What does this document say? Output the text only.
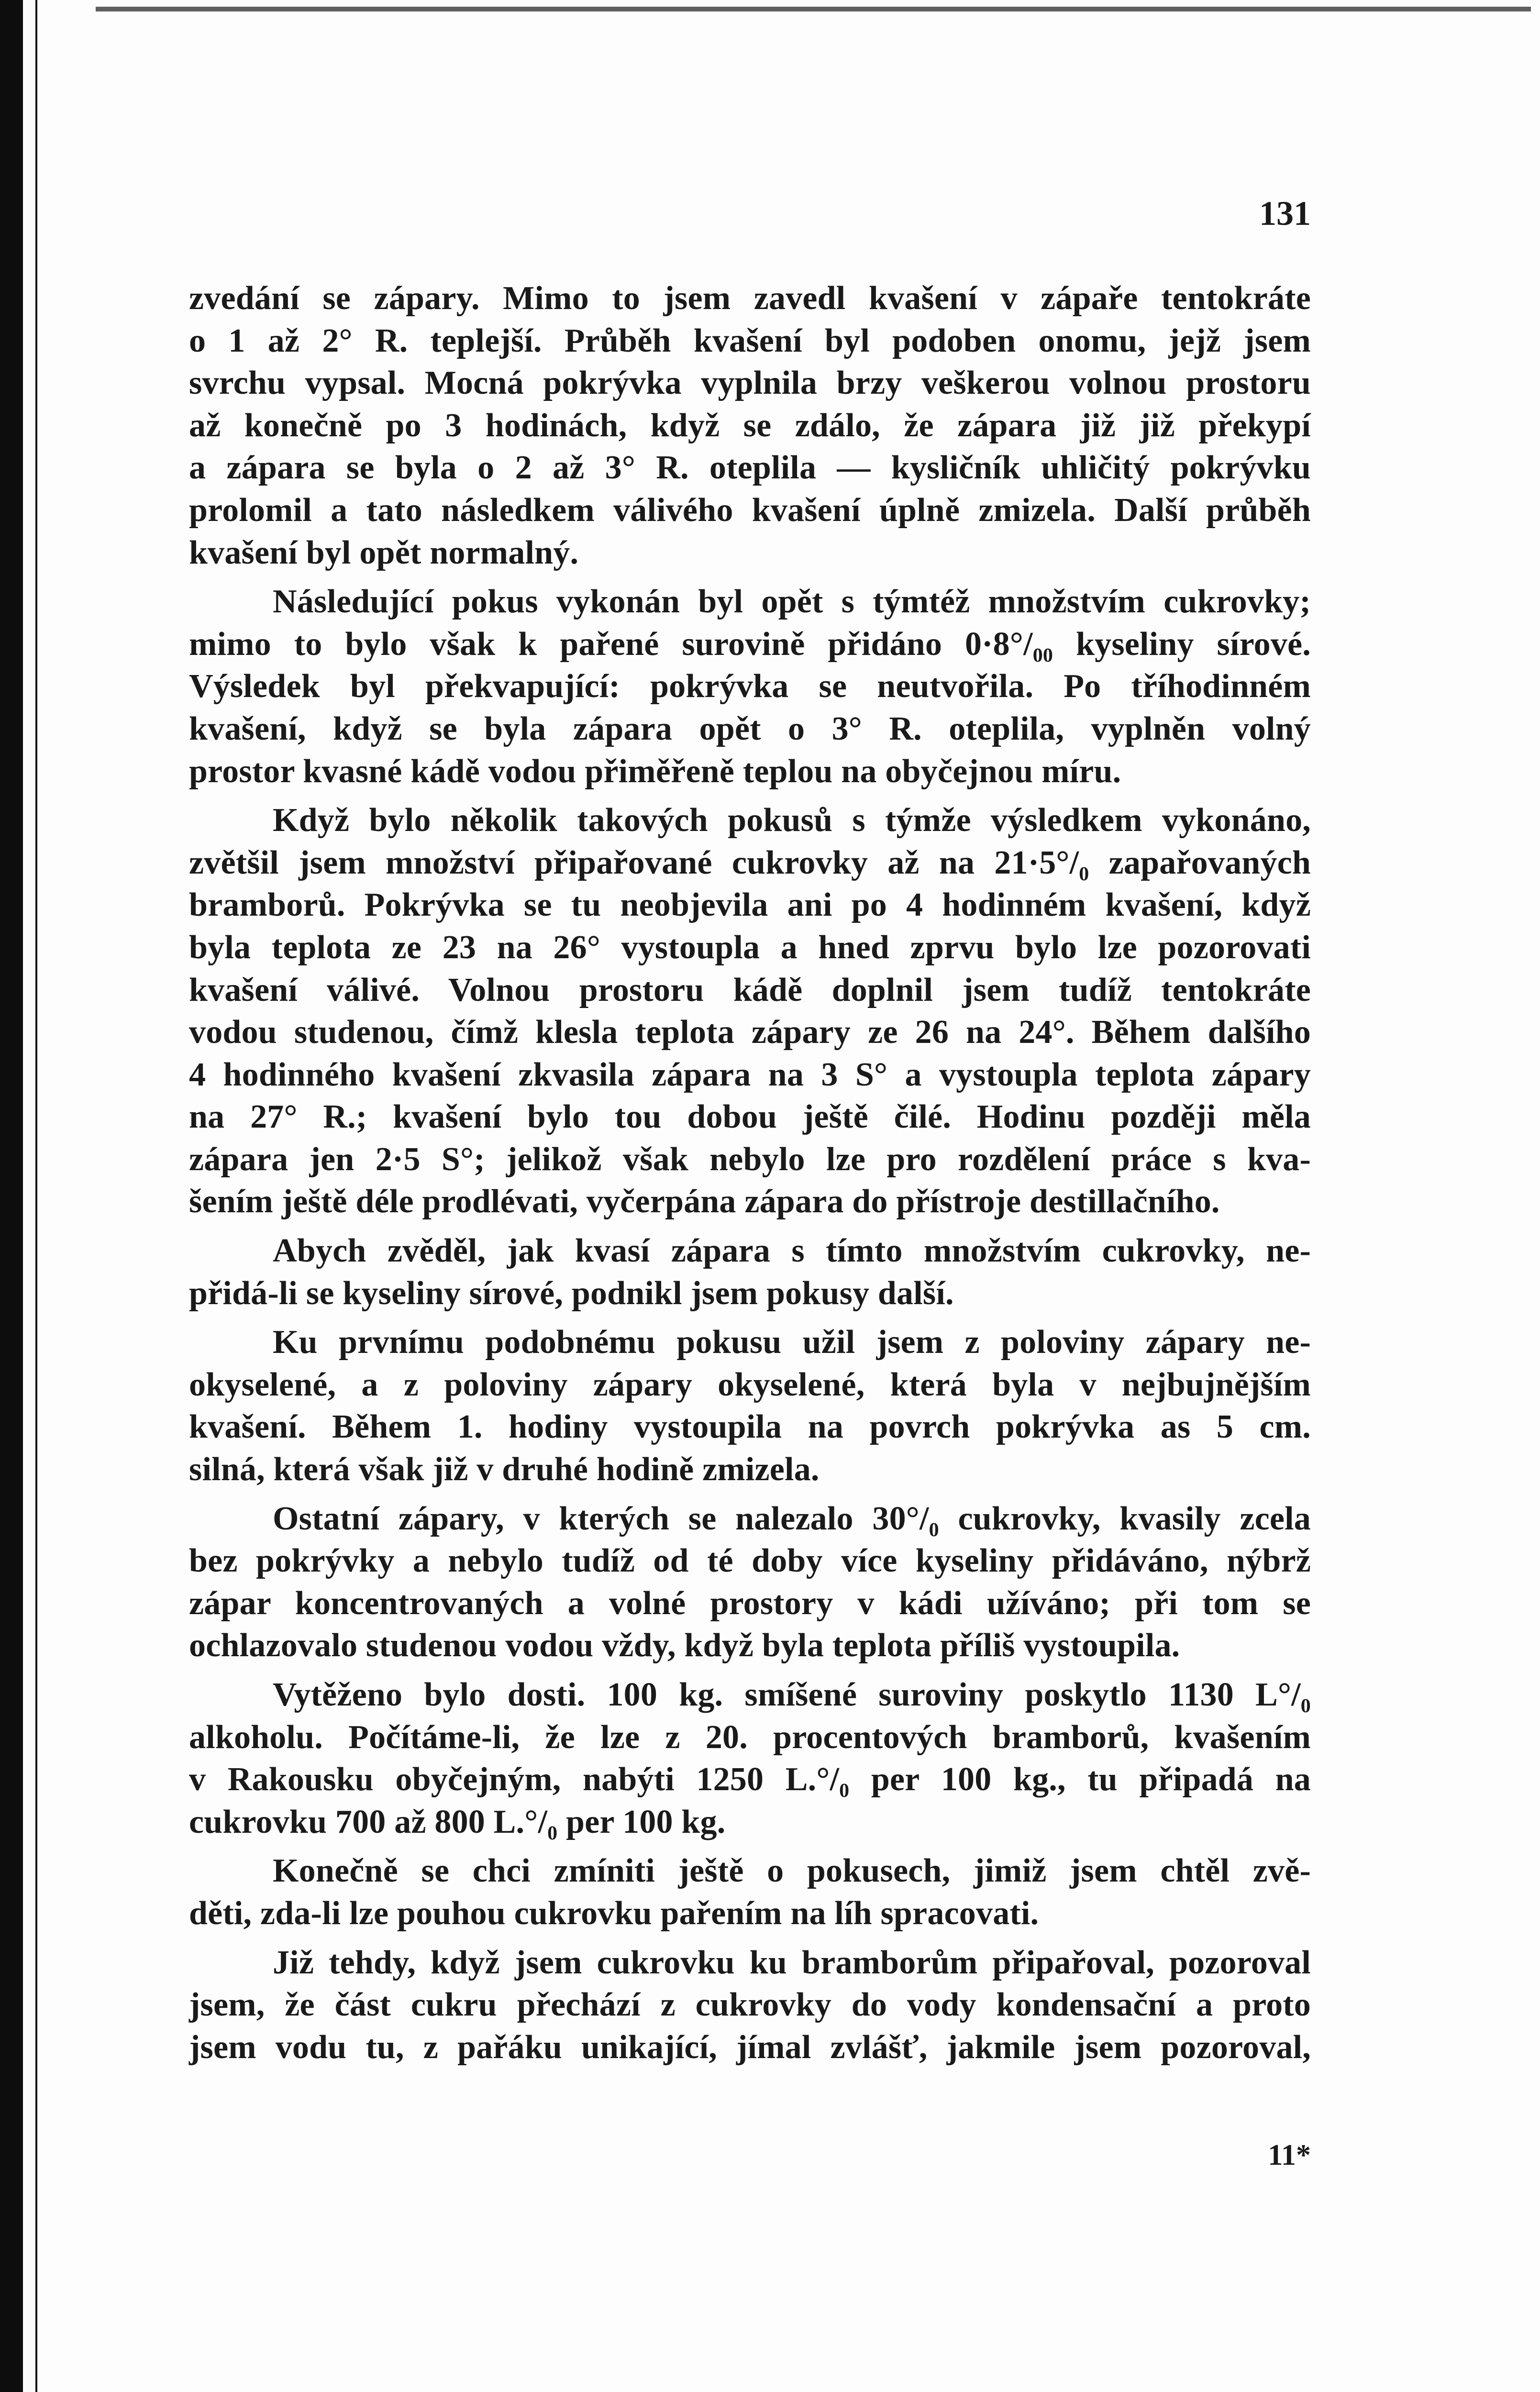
131
zvedání se zápary. Mimo to jsem zavedl kvašení v zápaře tentokráte
o 1 až 2° R. teplejší. Průběh kvašení byl podoben onomu, jejž jsem
svrchu vypsal. Mocná pokrývka vyplnila brzy veškerou volnou prostoru
až konečně po 3 hodinách, když se zdálo, že zápara již již překypí
a zápara se byla o 2 až 3° R. oteplila — kysličník uhličitý pokrývku
prolomil a tato následkem válivého kvašení úplně zmizela. Další průběh
kvašení byl opět normalný.
Následující pokus vykonán byl opět s týmtéž množstvím cukrovky;
mimo to bylo však k pařené surovině přidáno 0·8°/₀₀ kyseliny sírové.
Výsledek byl překvapující: pokrývka se neutvořila. Po tříhodinném
kvašení, když se byla zápara opět o 3° R. oteplila, vyplněn volný
prostor kvasné kádě vodou přiměřeně teplou na obyčejnou míru.
Když bylo několik takových pokusů s týmže výsledkem vykonáno,
zvětšil jsem množství připařované cukrovky až na 21·5°/₀ zapařovaných
bramborů. Pokrývka se tu neobjevila ani po 4 hodinném kvašení, když
byla teplota ze 23 na 26° vystoupla a hned zprvu bylo lze pozorovati
kvašení válivé. Volnou prostoru kádě doplnil jsem tudíž tentokráte
vodou studenou, čímž klesla teplota zápary ze 26 na 24°. Během dalšího
4 hodinného kvašení zkvasila zápara na 3 S° a vystoupla teplota zápary
na 27° R.; kvašení bylo tou dobou ještě čilé. Hodinu později měla
zápara jen 2·5 S°; jelikož však nebylo lze pro rozdělení práce s kva-
šením ještě déle prodlévati, vyčerpána zápara do přístroje destillačního.
Abych zvěděl, jak kvasí zápara s tímto množstvím cukrovky, ne-
přidá-li se kyseliny sírové, podnikl jsem pokusy další.
Ku prvnímu podobnému pokusu užil jsem z poloviny zápary ne-
okyselené, a z poloviny zápary okyselené, která byla v nejbujnějším
kvašení. Během 1. hodiny vystoupila na povrch pokrývka as 5 cm.
silná, která však již v druhé hodině zmizela.
Ostatní zápary, v kterých se nalezalo 30°/₀ cukrovky, kvasily zcela
bez pokrývky a nebylo tudíž od té doby více kyseliny přidáváno, nýbrž
zápar koncentrovaných a volné prostory v kádi užíváno; při tom se
ochlazovalo studenou vodou vždy, když byla teplota příliš vystoupila.
Vytěženo bylo dosti. 100 kg. smíšené suroviny poskytlo 1130 L°/₀
alkoholu. Počítáme-li, že lze z 20. procentových bramborů, kvašením
v Rakousku obyčejným, nabýti 1250 L.°/₀ per 100 kg., tu připadá na
cukrovku 700 až 800 L.°/₀ per 100 kg.
Konečně se chci zmíniti ještě o pokusech, jimiž jsem chtěl zvě-
děti, zda-li lze pouhou cukrovku pařením na líh spracovati.
Již tehdy, když jsem cukrovku ku bramborům připařoval, pozoroval
jsem, že část cukru přechází z cukrovky do vody kondensační a proto
jsem vodu tu, z pařáku unikající, jímal zvlášť, jakmile jsem pozoroval,
11*
